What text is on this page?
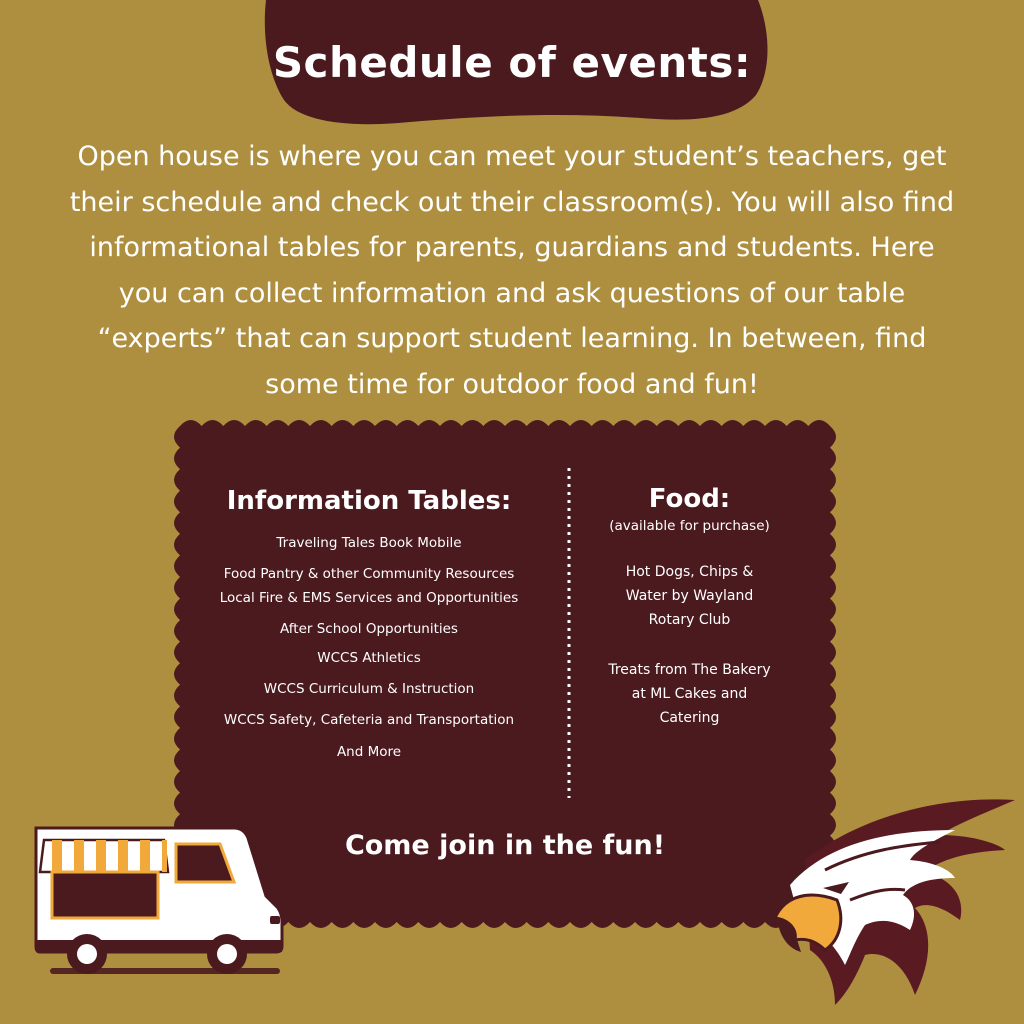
Schedule of events:
Open house is where you can meet your student’s teachers, get
their schedule and check out their classroom(s). You will also find
informational tables for parents, guardians and students. Here
you can collect information and ask questions of our table
“experts” that can support student learning. In between, find
some time for outdoor food and fun!
Information Tables:
Traveling Tales Book Mobile
Food Pantry & other Community Resources
Local Fire & EMS Services and Opportunities
After School Opportunities
WCCS Athletics
WCCS Curriculum & Instruction
WCCS Safety, Cafeteria and Transportation
And More
Food:
(available for purchase)
Hot Dogs, Chips &
Water by Wayland
Rotary Club
Treats from The Bakery
at ML Cakes and
Catering
Come join in the fun!
